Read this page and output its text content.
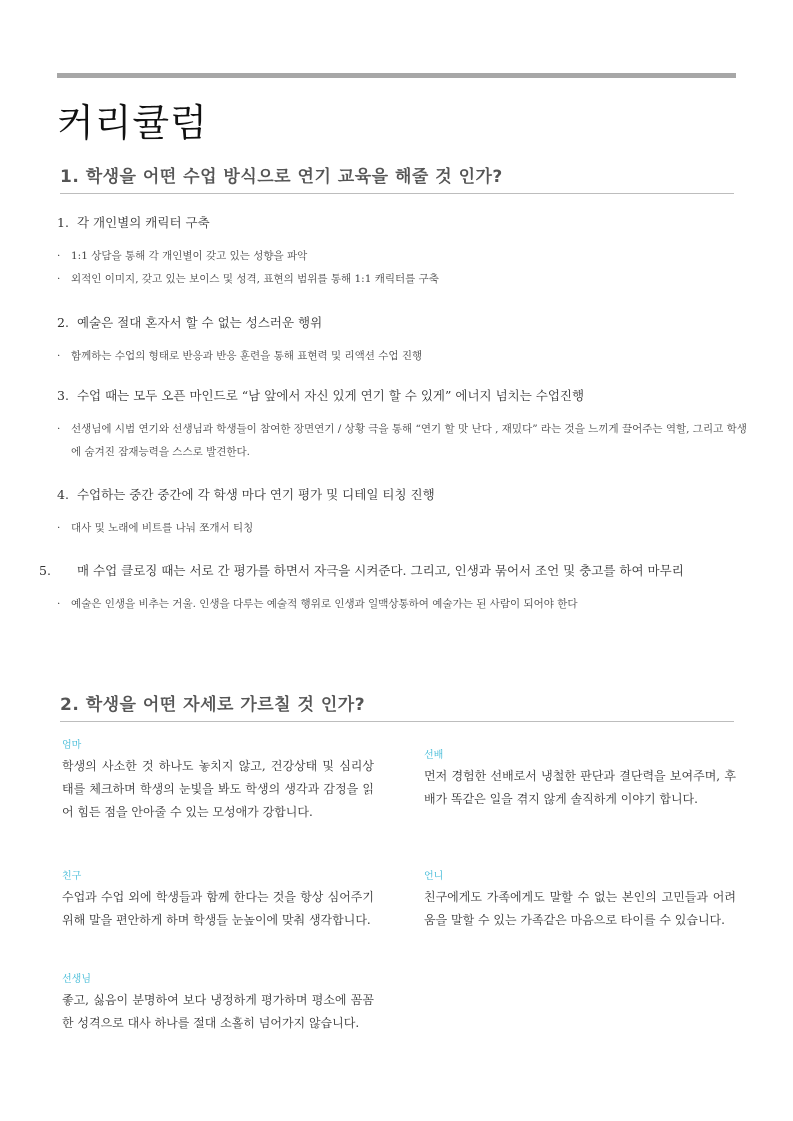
커리큘럼
1. 학생을 어떤 수업 방식으로 연기 교육을 해줄 것 인가?

1. 각 개인별의 캐릭터 구축

· 1:1 상담을 통해 각 개인별이 갖고 있는 성향을 파악

· 외적인 이미지, 갖고 있는 보이스 및 성격, 표현의 범위를 통해 1:1 캐릭터를 구축

2. 예술은 절대 혼자서 할 수 없는 성스러운 행위

· 함께하는 수업의 형태로 반응과 반응 훈련을 통해 표현력 및 리액션 수업 진행

3. 수업 때는 모두 오픈 마인드로 “남 앞에서 자신 있게 연기 할 수 있게” 에너지 넘치는 수업진행

· 선생님에 시범 연기와 선생님과 학생들이 참여한 장면연기 / 상황 극을 통해 “연기 할 맛 난다 , 재밌다” 라는 것을 느끼게 끌어주는 역할, 그리고 학생에 숨겨진 잠재능력을 스스로 발견한다.

4. 수업하는 중간 중간에 각 학생 마다 연기 평가 및 디테일 티칭 진행

· 대사 및 노래에 비트를 나눠 쪼개서 티칭

5. 매 수업 클로징 때는 서로 간 평가를 하면서 자극을 시켜준다. 그리고, 인생과 묶어서 조언 및 충고를 하여 마무리

· 예술은 인생을 비추는 거울. 인생을 다루는 예술적 행위로 인생과 일맥상통하여 예술가는 된 사람이 되어야 한다

2. 학생을 어떤 자세로 가르칠 것 인가?

엄마

학생의 사소한 것 하나도 놓치지 않고, 건강상태 및 심리상태를 체크하며 학생의 눈빛을 봐도 학생의 생각과 감정을 읽어 힘든 점을 안아줄 수 있는 모성애가 강합니다.

선배

먼저 경험한 선배로서 냉철한 판단과 결단력을 보여주며, 후배가 똑같은 일을 겪지 않게 솔직하게 이야기 합니다.

친구

수업과 수업 외에 학생들과 함께 한다는 것을 항상 심어주기 위해 말을 편안하게 하며 학생들 눈높이에 맞춰 생각합니다.

언니

친구에게도 가족에게도 말할 수 없는 본인의 고민들과 어려움을 말할 수 있는 가족같은 마음으로 타이를 수 있습니다.

선생님

좋고, 싫음이 분명하여 보다 냉정하게 평가하며 평소에 꼼꼼한 성격으로 대사 하나를 절대 소홀히 넘어가지 않습니다.
